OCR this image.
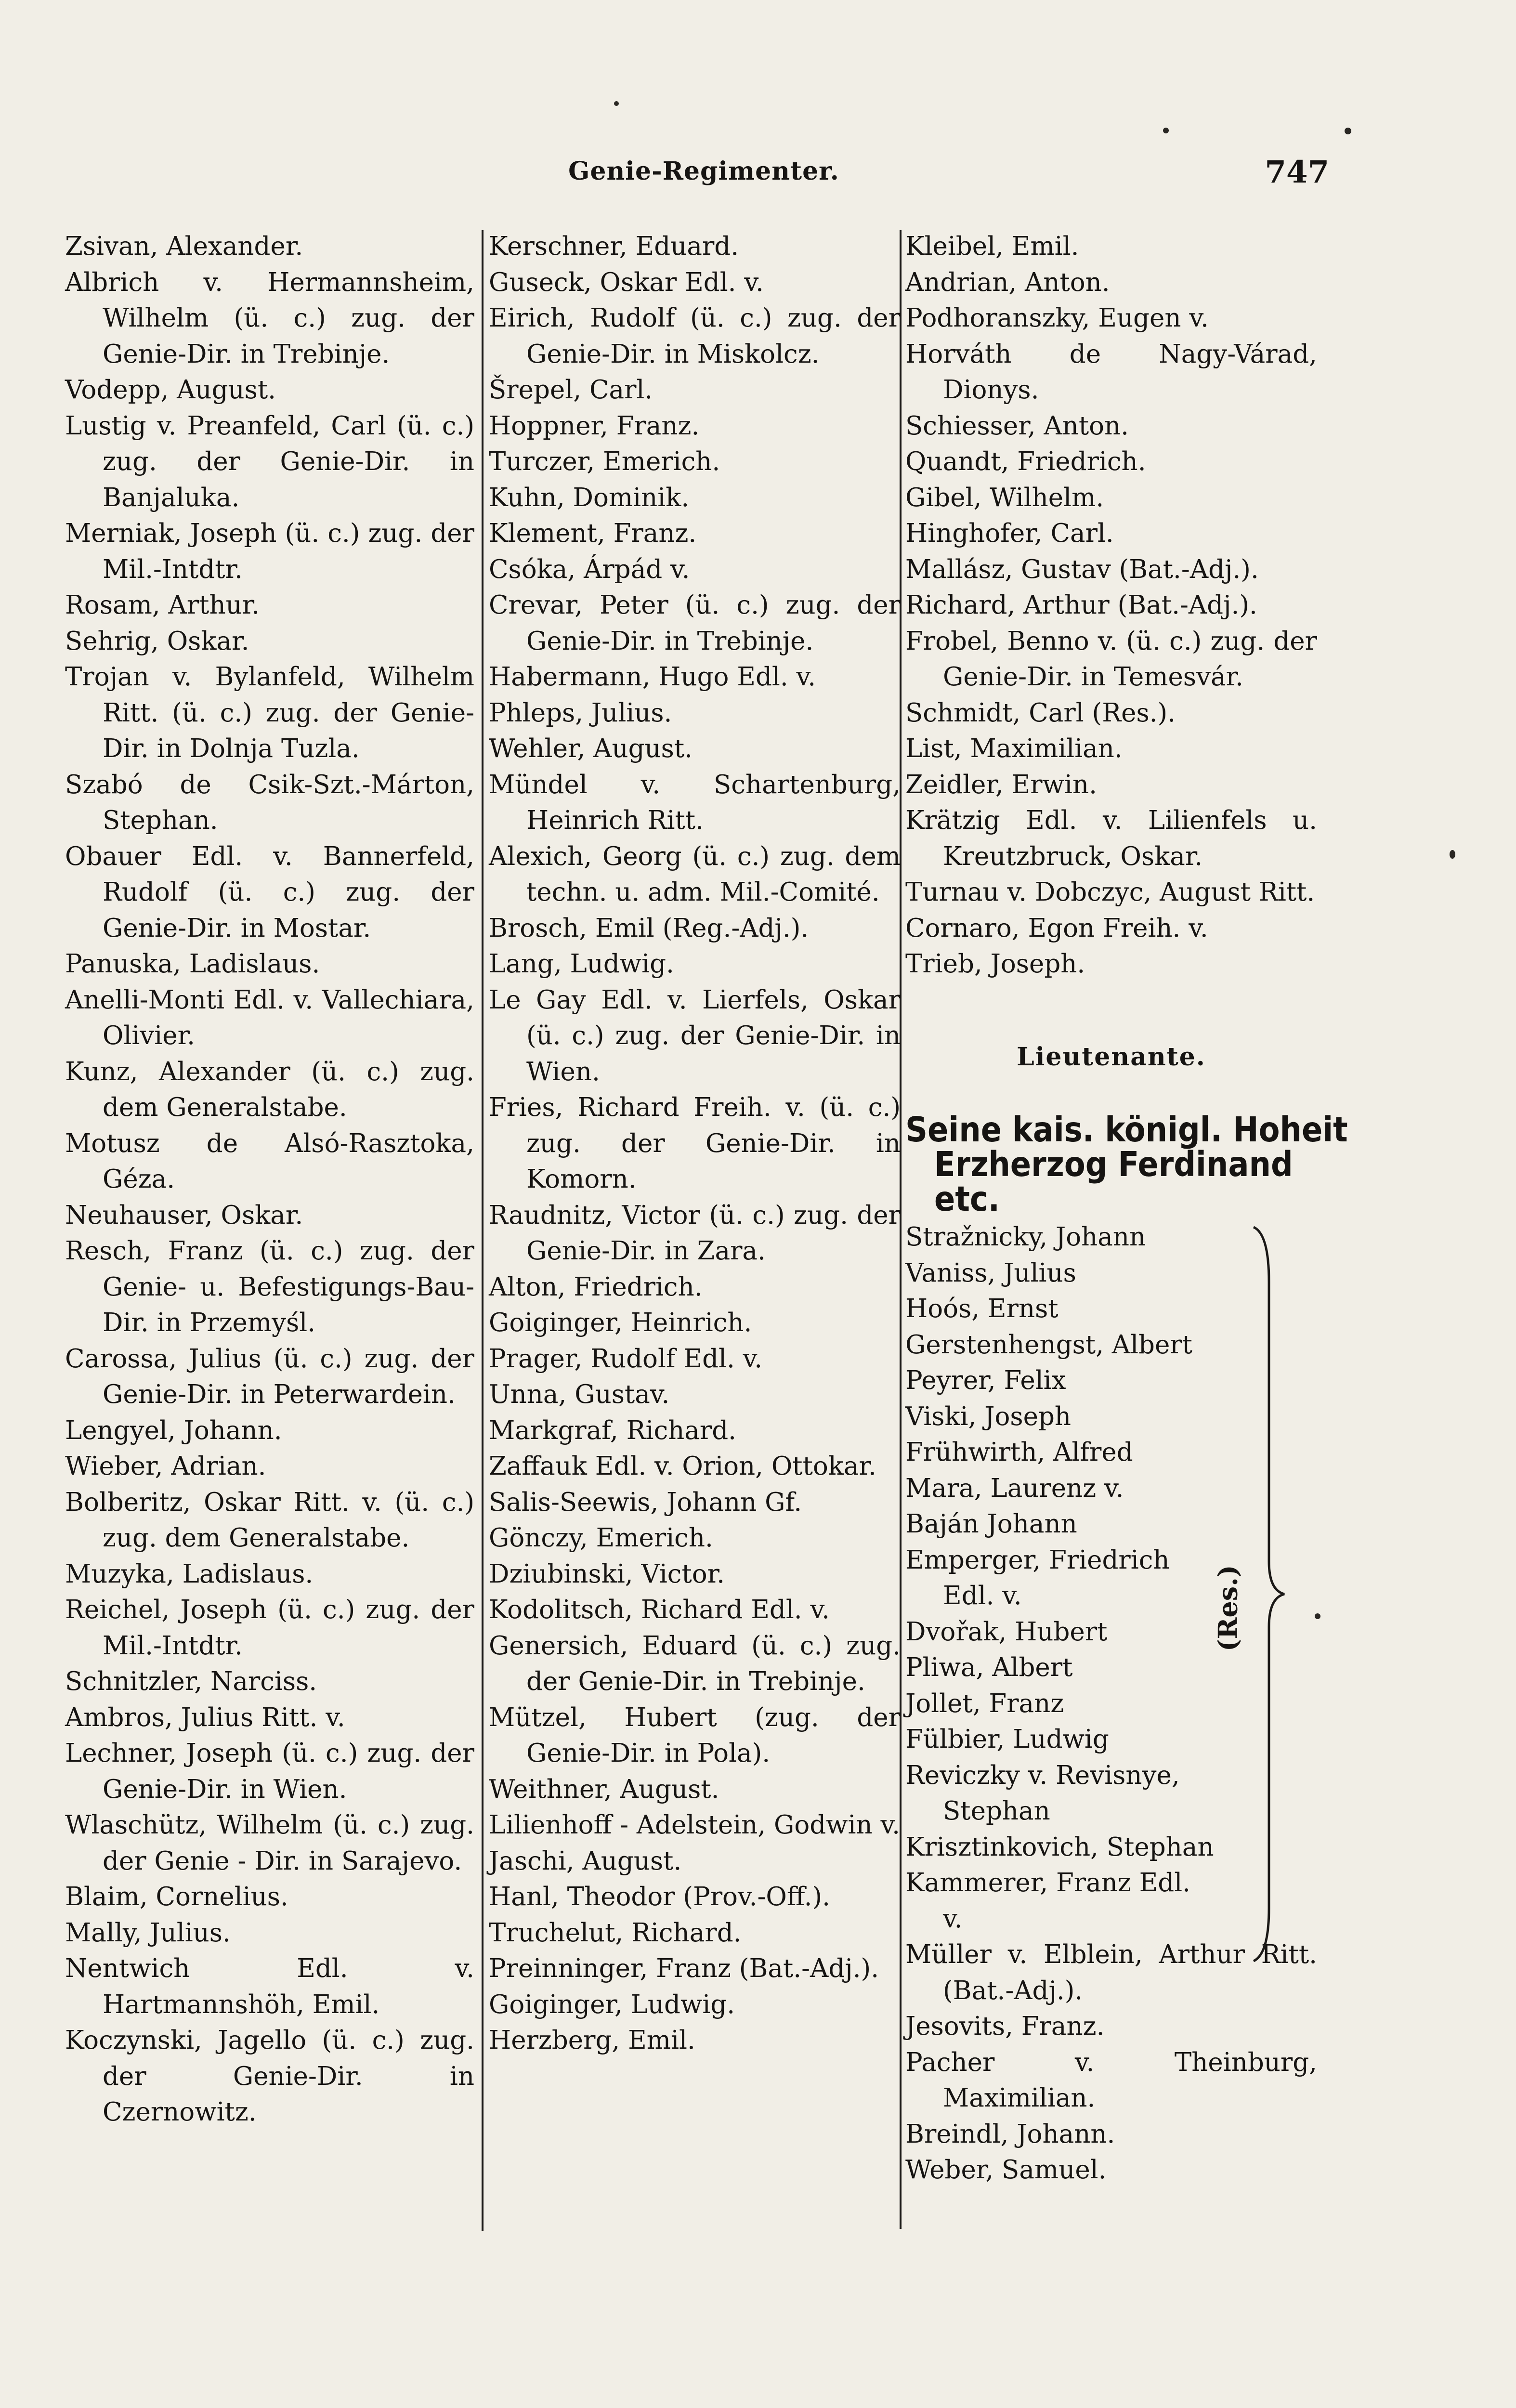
Genie-Regimenter.	747

Zsivan, Alexander.

Albrich v. Hermannsheim, Wilhelm (ü. c.) zug. der Genie-Dir. in Trebinje.

Vodepp, August.

Lustig v. Preanfeld, Carl (ü. c.) zug. der Genie-Dir. in Banjaluka.

Merniak, Joseph (ü. c.) zug. der Mil.-Intdtr.

Rosam, Arthur.

Sehrig, Oskar.

Trojan v. Bylanfeld, Wilhelm Ritt. (ü. c.) zug. der Genie-Dir. in Dolnja Tuzla.

Szabó de Csik-Szt.-Márton, Stephan.

Obauer Edl. v. Bannerfeld, Rudolf (ü. c.) zug. der Genie-Dir. in Mostar.

Panuska, Ladislaus.

Anelli-Monti Edl. v. Vallechiara, Olivier.

Kunz, Alexander (ü. c.) zug. dem Generalstabe.

Motusz de Alsó-Rasztoka, Géza.

Neuhauser, Oskar.

Resch, Franz (ü. c.) zug. der Genie- u. Befestigungs-Bau-Dir. in Przemyśl.

Carossa, Julius (ü. c.) zug. der Genie-Dir. in Peterwardein.

Lengyel, Johann.

Wieber, Adrian.

Bolberitz, Oskar Ritt. v. (ü. c.) zug. dem Generalstabe.

Muzyka, Ladislaus.

Reichel, Joseph (ü. c.) zug. der Mil.-Intdtr.

Schnitzler, Narciss.

Ambros, Julius Ritt. v.

Lechner, Joseph (ü. c.) zug. der Genie-Dir. in Wien.

Wlaschütz, Wilhelm (ü. c.) zug. der Genie - Dir. in Sarajevo.

Blaim, Cornelius.

Mally, Julius.

Nentwich Edl. v. Hartmannshöh, Emil.

Koczynski, Jagello (ü. c.) zug. der Genie-Dir. in Czernowitz.

Kerschner, Eduard.

Guseck, Oskar Edl. v.

Eirich, Rudolf (ü. c.) zug. der Genie-Dir. in Miskolcz.

Šrepel, Carl.

Hoppner, Franz.

Turczer, Emerich.

Kuhn, Dominik.

Klement, Franz.

Csóka, Árpád v.

Crevar, Peter (ü. c.) zug. der Genie-Dir. in Trebinje.

Habermann, Hugo Edl. v.

Phleps, Julius.

Wehler, August.

Mündel v. Schartenburg, Heinrich Ritt.

Alexich, Georg (ü. c.) zug. dem techn. u. adm. Mil.-Comité.

Brosch, Emil (Reg.-Adj.).

Lang, Ludwig.

Le Gay Edl. v. Lierfels, Oskar (ü. c.) zug. der Genie-Dir. in Wien.

Fries, Richard Freih. v. (ü. c.) zug. der Genie-Dir. in Komorn.

Raudnitz, Victor (ü. c.) zug. der Genie-Dir. in Zara.

Alton, Friedrich.

Goiginger, Heinrich.

Prager, Rudolf Edl. v.

Unna, Gustav.

Markgraf, Richard.

Zaffauk Edl. v. Orion, Ottokar.

Salis-Seewis, Johann Gf.

Gönczy, Emerich.

Dziubinski, Victor.

Kodolitsch, Richard Edl. v.

Genersich, Eduard (ü. c.) zug. der Genie-Dir. in Trebinje.

Mützel, Hubert (zug. der Genie-Dir. in Pola).

Weithner, August.

Lilienhoff - Adelstein, Godwin v.

Jaschi, August.

Hanl, Theodor (Prov.-Off.).

Truchelut, Richard.

Preinninger, Franz (Bat.-Adj.).

Goiginger, Ludwig.

Herzberg, Emil.

Kleibel, Emil.

Andrian, Anton.

Podhoranszky, Eugen v.

Horváth de Nagy-Várad, Dionys.

Schiesser, Anton.

Quandt, Friedrich.

Gibel, Wilhelm.

Hinghofer, Carl.

Mallász, Gustav (Bat.-Adj.).

Richard, Arthur (Bat.-Adj.).

Frobel, Benno v. (ü. c.) zug. der Genie-Dir. in Temesvár.

Schmidt, Carl (Res.).

List, Maximilian.

Zeidler, Erwin.

Krätzig Edl. v. Lilienfels u. Kreutzbruck, Oskar.

Turnau v. Dobczyc, August Ritt.

Cornaro, Egon Freih. v.

Trieb, Joseph.

Lieutenante.
Seine kais. königl. Hoheit
Erzherzog Ferdinand
etc.
(Res.)

Stražnicky, Johann

Vaniss, Julius

Hoós, Ernst

Gerstenhengst, Albert

Peyrer, Felix

Viski, Joseph

Frühwirth, Alfred

Mara, Laurenz v.

Baján Johann

Emperger, Friedrich Edl. v.

Dvořak, Hubert

Pliwa, Albert

Jollet, Franz

Fülbier, Ludwig

Reviczky v. Revisnye, Stephan

Krisztinkovich, Stephan

Kammerer, Franz Edl. v.

Müller v. Elblein, Arthur Ritt. (Bat.-Adj.).

Jesovits, Franz.

Pacher v. Theinburg, Maximilian.

Breindl, Johann.

Weber, Samuel.
